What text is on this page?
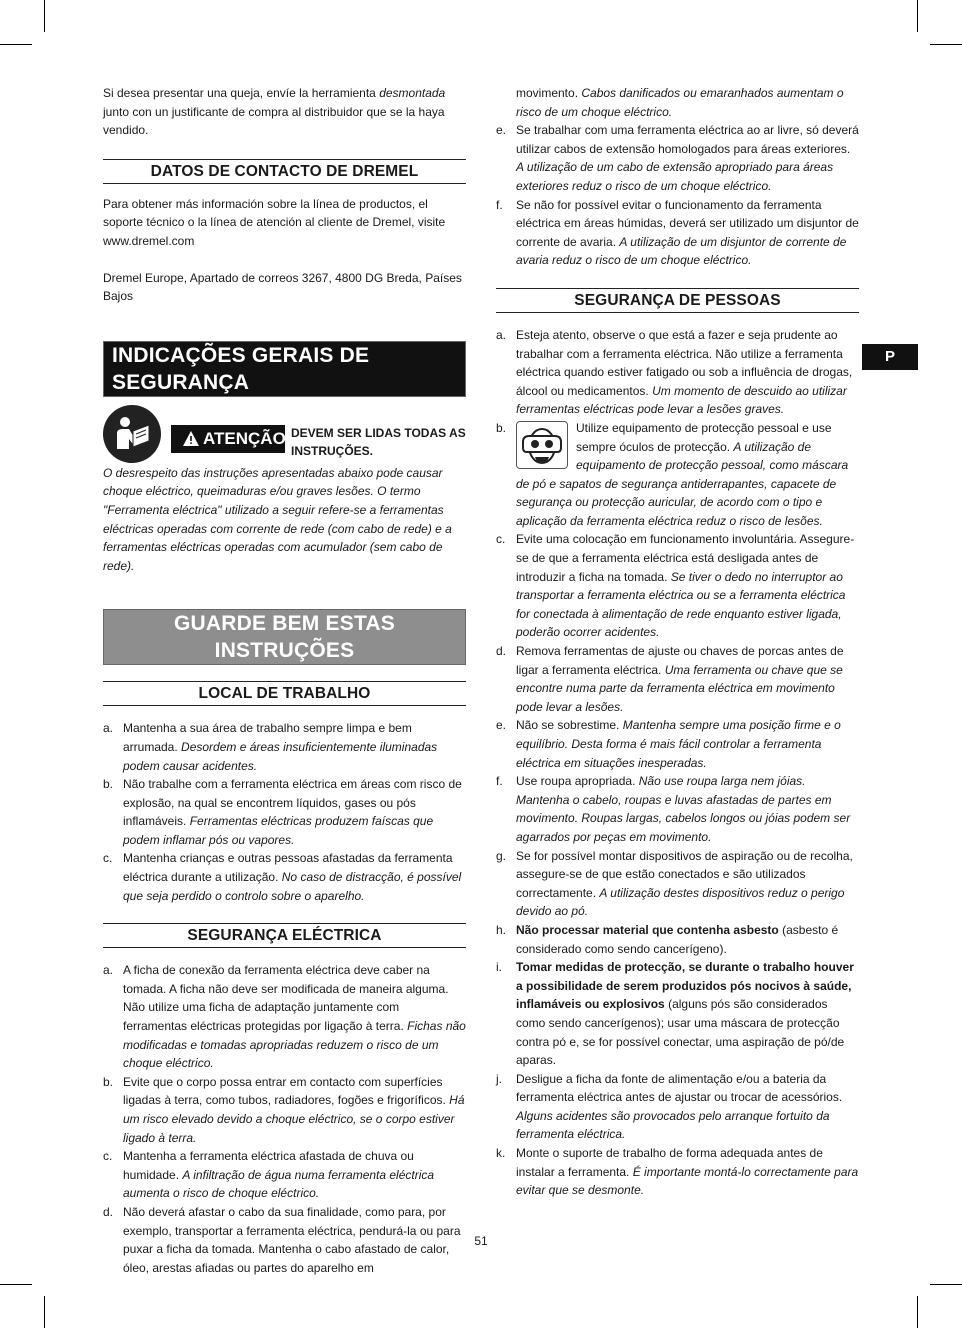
P

Si desea presentar una queja, envíe la herramienta desmontada junto con un justificante de compra al distribuidor que se la haya vendido.

DATOS DE CONTACTO DE DREMEL

Para obtener más información sobre la línea de productos, el soporte técnico o la línea de atención al cliente de Dremel, visite www.dremel.com

Dremel Europe, Apartado de correos 3267, 4800 DG Breda, Países Bajos

INDICAÇÕES GERAIS DE SEGURANÇA
ATENÇÃO DEVEM SER LIDAS TODAS AS INSTRUÇÕES.

O desrespeito das instruções apresentadas abaixo pode causar choque eléctrico, queimaduras e/ou graves lesões. O termo "Ferramenta eléctrica" utilizado a seguir refere-se a ferramentas eléctricas operadas com corrente de rede (com cabo de rede) e a ferramentas eléctricas operadas com acumulador (sem cabo de rede).

GUARDE BEM ESTAS INSTRUÇÕES
LOCAL DE TRABALHO
a. Mantenha a sua área de trabalho sempre limpa e bem arrumada. Desordem e áreas insuficientemente iluminadas podem causar acidentes.
b. Não trabalhe com a ferramenta eléctrica em áreas com risco de explosão, na qual se encontrem líquidos, gases ou pós inflamáveis. Ferramentas eléctricas produzem faíscas que podem inflamar pós ou vapores.
c. Mantenha crianças e outras pessoas afastadas da ferramenta eléctrica durante a utilização. No caso de distracção, é possível que seja perdido o controlo sobre o aparelho.
SEGURANÇA ELÉCTRICA
a. A ficha de conexão da ferramenta eléctrica deve caber na tomada. A ficha não deve ser modificada de maneira alguma. Não utilize uma ficha de adaptação juntamente com ferramentas eléctricas protegidas por ligação à terra. Fichas não modificadas e tomadas apropriadas reduzem o risco de um choque eléctrico.
b. Evite que o corpo possa entrar em contacto com superfícies ligadas à terra, como tubos, radiadores, fogões e frigoríficos. Há um risco elevado devido a choque eléctrico, se o corpo estiver ligado à terra.
c. Mantenha a ferramenta eléctrica afastada de chuva ou humidade. A infiltração de água numa ferramenta eléctrica aumenta o risco de choque eléctrico.
d. Não deverá afastar o cabo da sua finalidade, como para, por exemplo, transportar a ferramenta eléctrica, pendurá-la ou para puxar a ficha da tomada. Mantenha o cabo afastado de calor, óleo, arestas afiadas ou partes do aparelho em
movimento. Cabos danificados ou emaranhados aumentam o risco de um choque eléctrico.
e. Se trabalhar com uma ferramenta eléctrica ao ar livre, só deverá utilizar cabos de extensão homologados para áreas exteriores. A utilização de um cabo de extensão apropriado para áreas exteriores reduz o risco de um choque eléctrico.
f. Se não for possível evitar o funcionamento da ferramenta eléctrica em áreas húmidas, deverá ser utilizado um disjuntor de corrente de avaria. A utilização de um disjuntor de corrente de avaria reduz o risco de um choque eléctrico.
SEGURANÇA DE PESSOAS
a. Esteja atento, observe o que está a fazer e seja prudente ao trabalhar com a ferramenta eléctrica. Não utilize a ferramenta eléctrica quando estiver fatigado ou sob a influência de drogas, álcool ou medicamentos. Um momento de descuido ao utilizar ferramentas eléctricas pode levar a lesões graves.
b.	Utilize equipamento de protecção pessoal e use sempre óculos de protecção. A utilização de equipamento de protecção pessoal, como máscara de pó e sapatos de segurança antiderrapantes, capacete de segurança ou protecção auricular, de acordo com o tipo e aplicação da ferramenta eléctrica reduz o risco de lesões.
c. Evite uma colocação em funcionamento involuntária. Assegure-se de que a ferramenta eléctrica está desligada antes de introduzir a ficha na tomada. Se tiver o dedo no interruptor ao transportar a ferramenta eléctrica ou se a ferramenta eléctrica for conectada à alimentação de rede enquanto estiver ligada, poderão ocorrer acidentes.
d. Remova ferramentas de ajuste ou chaves de porcas antes de ligar a ferramenta eléctrica. Uma ferramenta ou chave que se encontre numa parte da ferramenta eléctrica em movimento pode levar a lesões.
e. Não se sobrestime. Mantenha sempre uma posição firme e o equilíbrio. Desta forma é mais fácil controlar a ferramenta eléctrica em situações inesperadas.
f. Use roupa apropriada. Não use roupa larga nem jóias. Mantenha o cabelo, roupas e luvas afastadas de partes em movimento. Roupas largas, cabelos longos ou jóias podem ser agarrados por peças em movimento.
g. Se for possível montar dispositivos de aspiração ou de recolha, assegure-se de que estão conectados e são utilizados correctamente. A utilização destes dispositivos reduz o perigo devido ao pó.
h. Não processar material que contenha asbesto (asbesto é considerado como sendo cancerígeno).
i. Tomar medidas de protecção, se durante o trabalho houver a possibilidade de serem produzidos pós nocivos à saúde, inflamáveis ou explosivos (alguns pós são considerados como sendo cancerígenos); usar uma máscara de protecção contra pó e, se for possível conectar, uma aspiração de pó/de aparas.
j. Desligue a ficha da fonte de alimentação e/ou a bateria da ferramenta eléctrica antes de ajustar ou trocar de acessórios. Alguns acidentes são provocados pelo arranque fortuito da ferramenta eléctrica.
k. Monte o suporte de trabalho de forma adequada antes de instalar a ferramenta. É importante montá-lo correctamente para evitar que se desmonte.
51
